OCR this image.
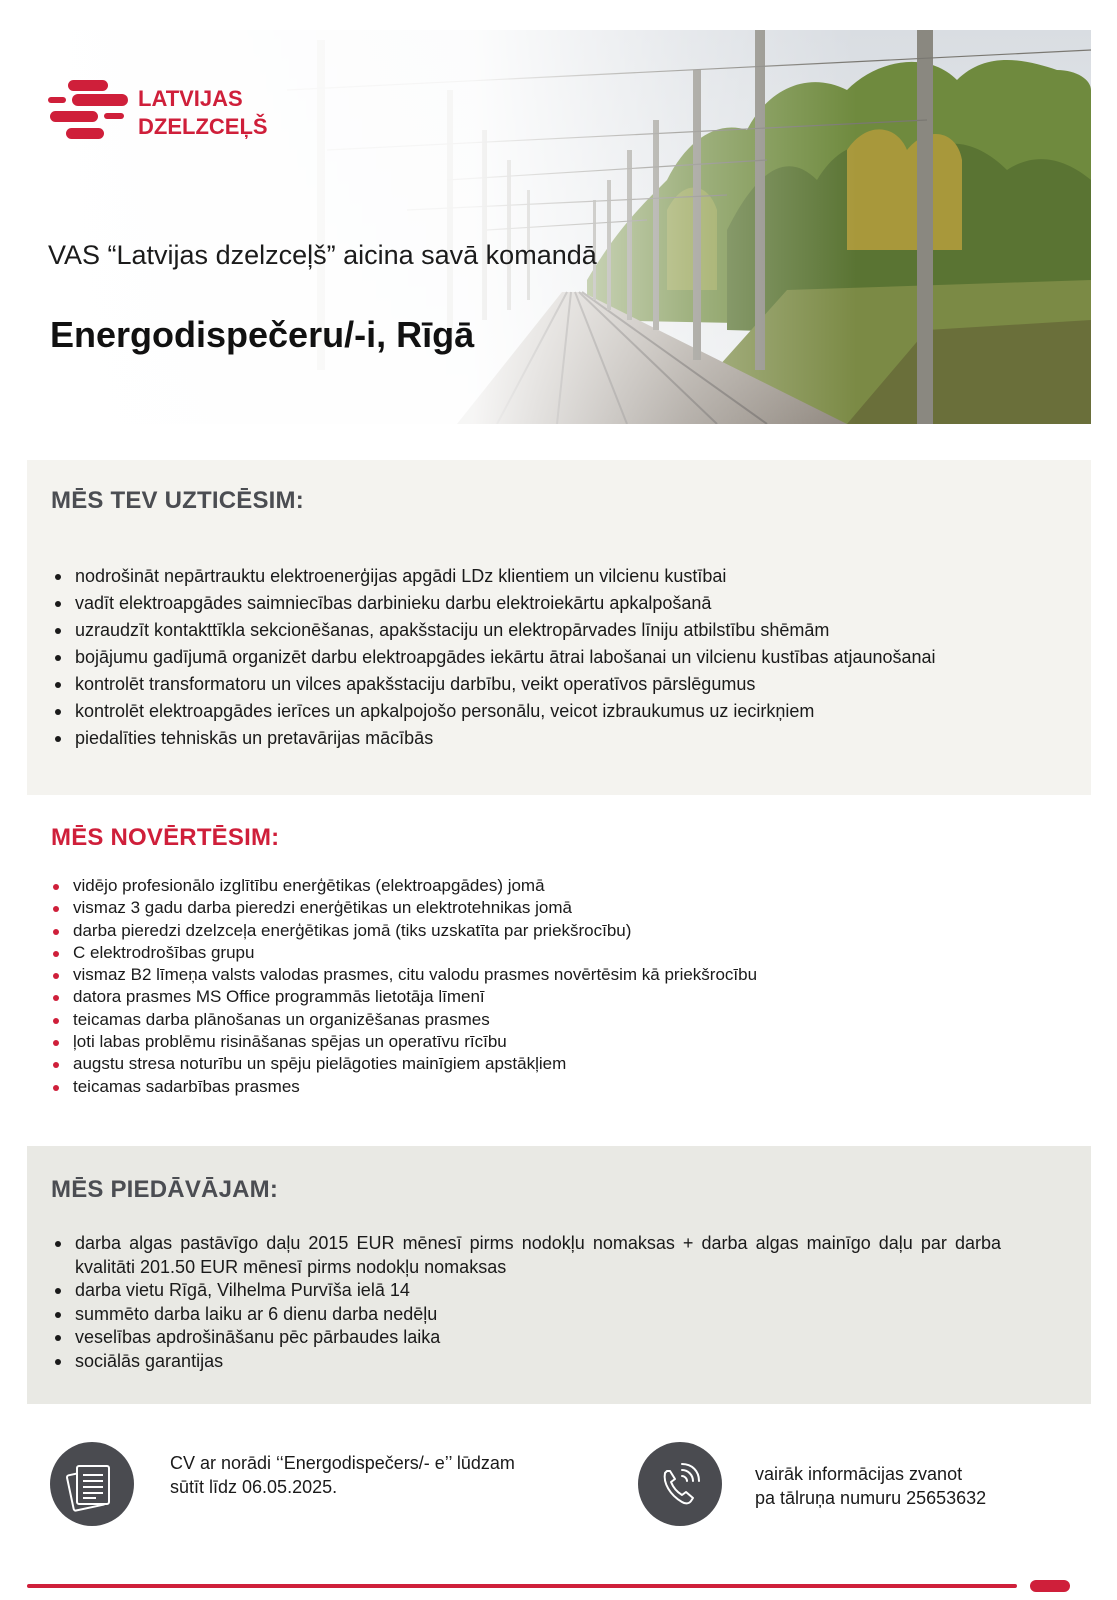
LATVIJAS
DZELZCEĻŠ
VAS “Latvijas dzelzceļš” aicina savā komandā
Energodispečeru/-i, Rīgā
MĒS TEV UZTICĒSIM:
nodrošināt nepārtrauktu elektroenerģijas apgādi LDz klientiem un vilcienu kustībai
vadīt elektroapgādes saimniecības darbinieku darbu elektroiekārtu apkalpošanā
uzraudzīt kontakttīkla sekcionēšanas, apakšstaciju un elektropārvades līniju atbilstību shēmām
bojājumu gadījumā organizēt darbu elektroapgādes iekārtu ātrai labošanai un vilcienu kustības atjaunošanai
kontrolēt transformatoru un vilces apakšstaciju darbību, veikt operatīvos pārslēgumus
kontrolēt elektroapgādes ierīces un apkalpojošo personālu, veicot izbraukumus uz iecirkņiem
piedalīties tehniskās un pretavārijas mācībās
MĒS NOVĒRTĒSIM:
vidējo profesionālo izglītību enerģētikas (elektroapgādes) jomā
vismaz 3 gadu darba pieredzi enerģētikas un elektrotehnikas jomā
darba pieredzi dzelzceļa enerģētikas jomā (tiks uzskatīta par priekšrocību)
C elektrodrošības grupu
vismaz B2 līmeņa valsts valodas prasmes, citu valodu prasmes novērtēsim kā priekšrocību
datora prasmes MS Office programmās lietotāja līmenī
teicamas darba plānošanas un organizēšanas prasmes
ļoti labas problēmu risināšanas spējas un operatīvu rīcību
augstu stresa noturību un spēju pielāgoties mainīgiem apstākļiem
teicamas sadarbības prasmes
MĒS PIEDĀVĀJAM:
darba algas pastāvīgo daļu 2015 EUR mēnesī pirms nodokļu nomaksas + darba algas mainīgo daļu par darba kvalitāti 201.50 EUR mēnesī pirms nodokļu nomaksas
darba vietu Rīgā, Vilhelma Purvīša ielā 14
summēto darba laiku ar 6 dienu darba nedēļu
veselības apdrošināšanu pēc pārbaudes laika
sociālās garantijas
CV ar norādi ‘‘Energodispečers/- e’’ lūdzam
sūtīt līdz 06.05.2025.
vairāk informācijas zvanot
pa tālruņa numuru 25653632
